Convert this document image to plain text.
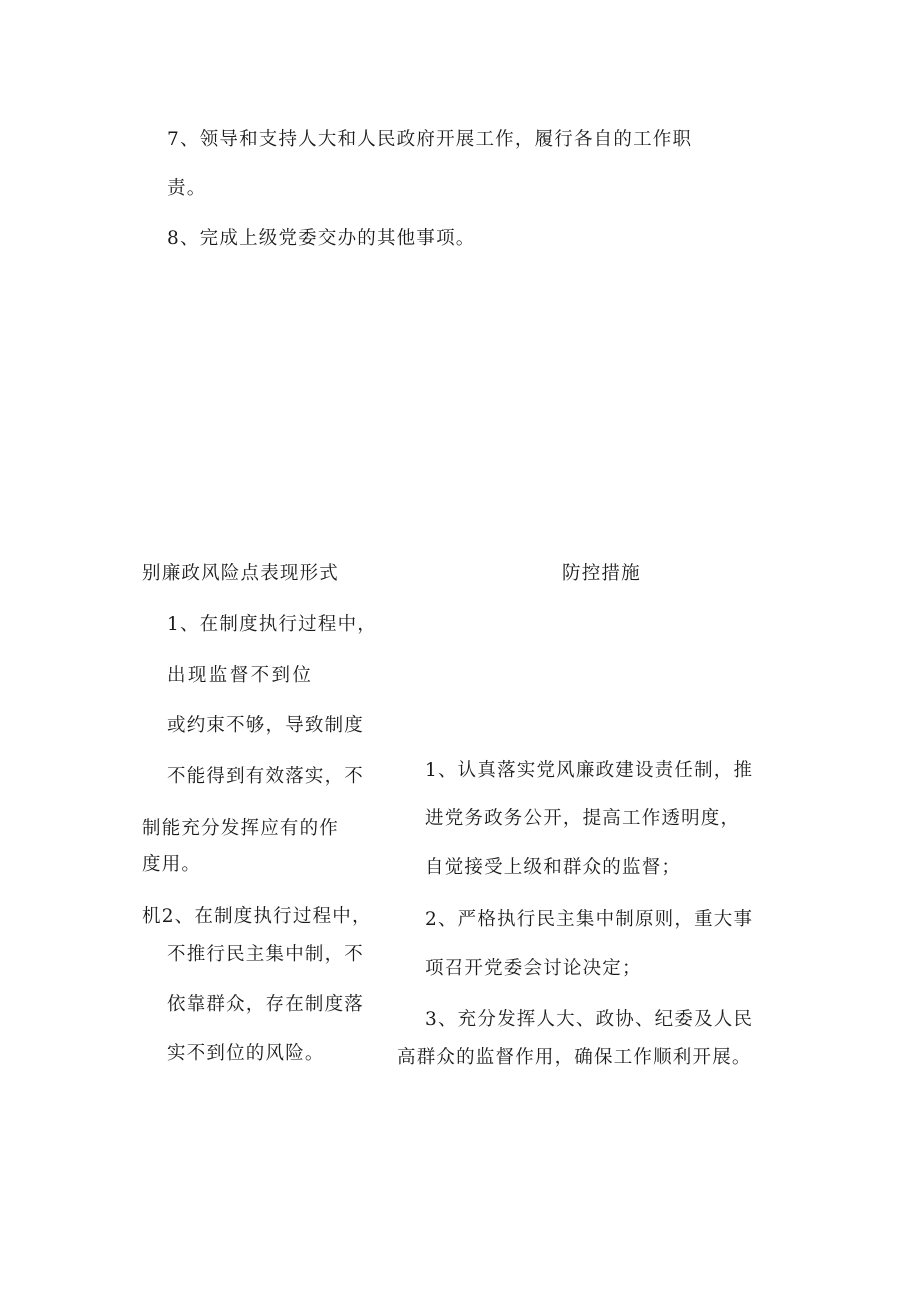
7、领导和支持人大和人民政府开展工作，履行各自的工作职
责。
8、完成上级党委交办的其他事项。
别廉政风险点表现形式	防控措施
1、在制度执行过程中，
出现监督不到位
或约束不够，导致制度
不能得到有效落实，不
制能充分发挥应有的作
度用。
机2、在制度执行过程中，
不推行民主集中制，不
依靠群众，存在制度落
实不到位的风险。
1、认真落实党风廉政建设责任制，推
进党务政务公开，提高工作透明度，
自觉接受上级和群众的监督；
2、严格执行民主集中制原则，重大事
项召开党委会讨论决定；
3、充分发挥人大、政协、纪委及人民
高群众的监督作用，确保工作顺利开展。
